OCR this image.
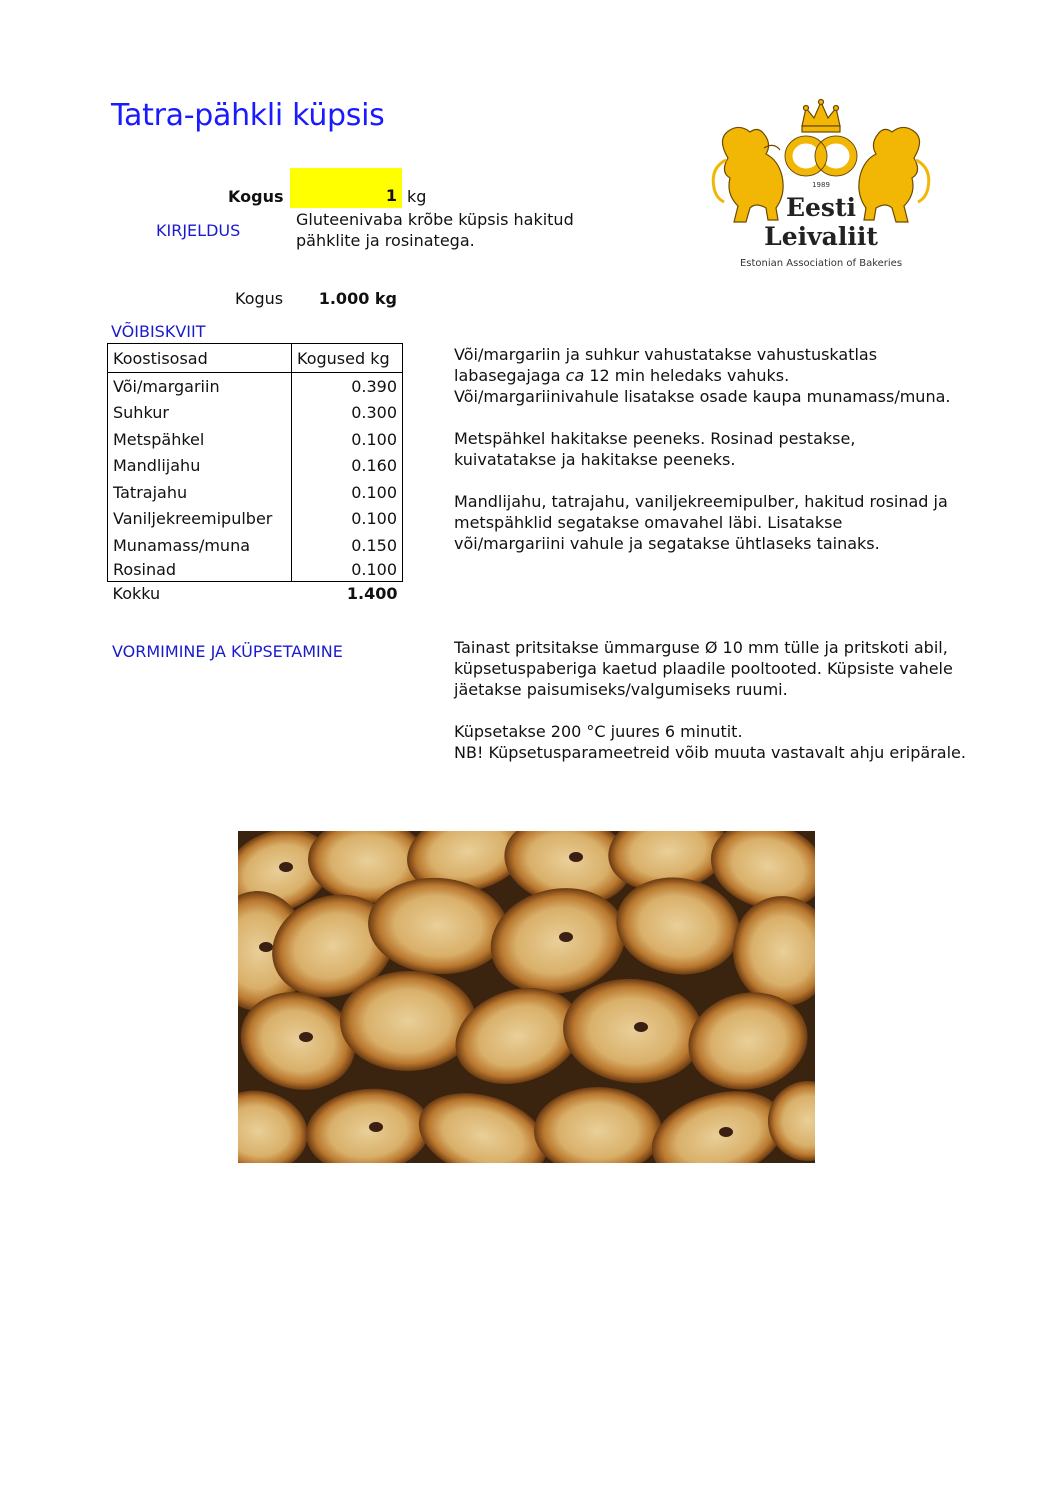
Tatra-pähkli küpsis
Kogus	1 kg
KIRJELDUS
Gluteenivaba krõbe küpsis hakitud pähklite ja rosinatega.
Kogus	1.000 kg
VÕIBISKVIIT
Koostisosad	Kogused kg
Või/margariin	0.390
Suhkur	0.300
Metspähkel	0.100
Mandlijahu	0.160
Tatrajahu	0.100
Vaniljekreemipulber	0.100
Munamass/muna	0.150
Rosinad	0.100
Kokku	1.400

Või/margariin ja suhkur vahustatakse vahustuskatlas labasegajaga ca 12 min heledaks vahuks. Või/margariinivahule lisatakse osade kaupa munamass/muna.

Metspähkel hakitakse peeneks. Rosinad pestakse, kuivatatakse ja hakitakse peeneks.

Mandlijahu, tatrajahu, vaniljekreemipulber, hakitud rosinad ja metspähklid segatakse omavahel läbi. Lisatakse või/margariini vahule ja segatakse ühtlaseks tainaks.

VORMIMINE JA KÜPSETAMINE	Tainast pritsitakse ümmarguse Ø 10 mm tülle ja pritskoti abil, küpsetuspaberiga kaetud plaadile pooltooted. Küpsiste vahele jäetakse paisumiseks/valgumiseks ruumi.

Küpsetakse 200 °C juures 6 minutit.

NB! Küpsetusparameetreid võib muuta vastavalt ahju eripärale.

1989
Eesti
Leivaliit
Estonian Association of Bakeries
